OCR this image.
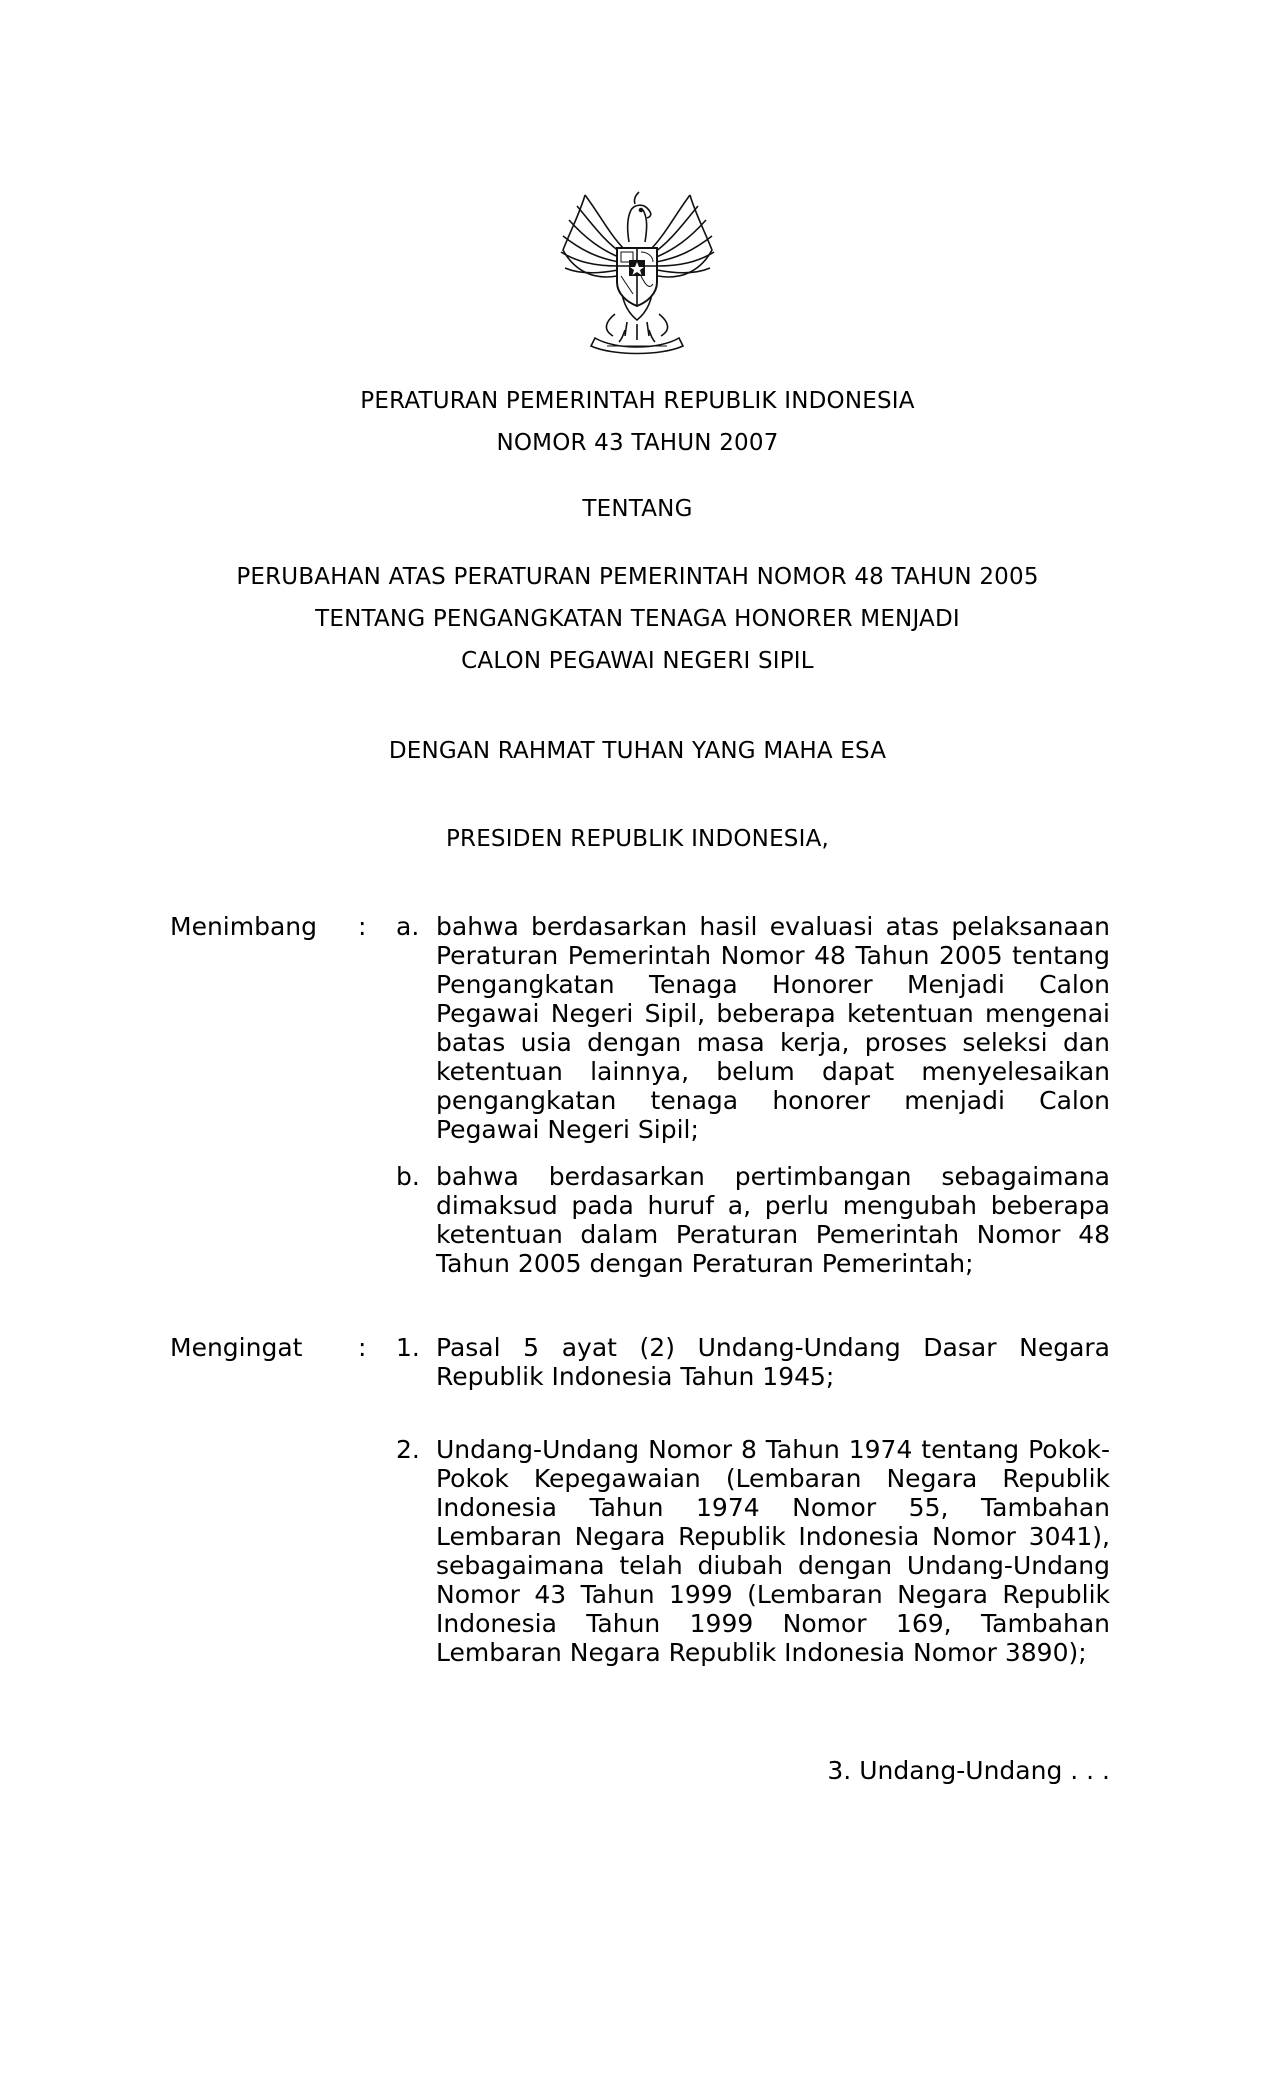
PERATURAN PEMERINTAH REPUBLIK INDONESIA
NOMOR 43 TAHUN 2007
TENTANG
PERUBAHAN ATAS PERATURAN PEMERINTAH NOMOR 48 TAHUN 2005
TENTANG PENGANGKATAN TENAGA HONORER MENJADI
CALON PEGAWAI NEGERI SIPIL
DENGAN RAHMAT TUHAN YANG MAHA ESA
PRESIDEN REPUBLIK INDONESIA,
Menimbang : a. bahwa berdasarkan hasil evaluasi atas pelaksanaan Peraturan Pemerintah Nomor 48 Tahun 2005 tentang Pengangkatan Tenaga Honorer Menjadi Calon Pegawai Negeri Sipil, beberapa ketentuan mengenai batas usia dengan masa kerja, proses seleksi dan ketentuan lainnya, belum dapat menyelesaikan pengangkatan tenaga honorer menjadi Calon Pegawai Negeri Sipil;
b. bahwa berdasarkan pertimbangan sebagaimana dimaksud pada huruf a, perlu mengubah beberapa ketentuan dalam Peraturan Pemerintah Nomor 48 Tahun 2005 dengan Peraturan Pemerintah;
Mengingat : 1. Pasal 5 ayat (2) Undang-Undang Dasar Negara Republik Indonesia Tahun 1945;
2. Undang-Undang Nomor 8 Tahun 1974 tentang Pokok-Pokok Kepegawaian (Lembaran Negara Republik Indonesia Tahun 1974 Nomor 55, Tambahan Lembaran Negara Republik Indonesia Nomor 3041), sebagaimana telah diubah dengan Undang-Undang Nomor 43 Tahun 1999 (Lembaran Negara Republik Indonesia Tahun 1999 Nomor 169, Tambahan Lembaran Negara Republik Indonesia Nomor 3890);
3. Undang-Undang . . .
